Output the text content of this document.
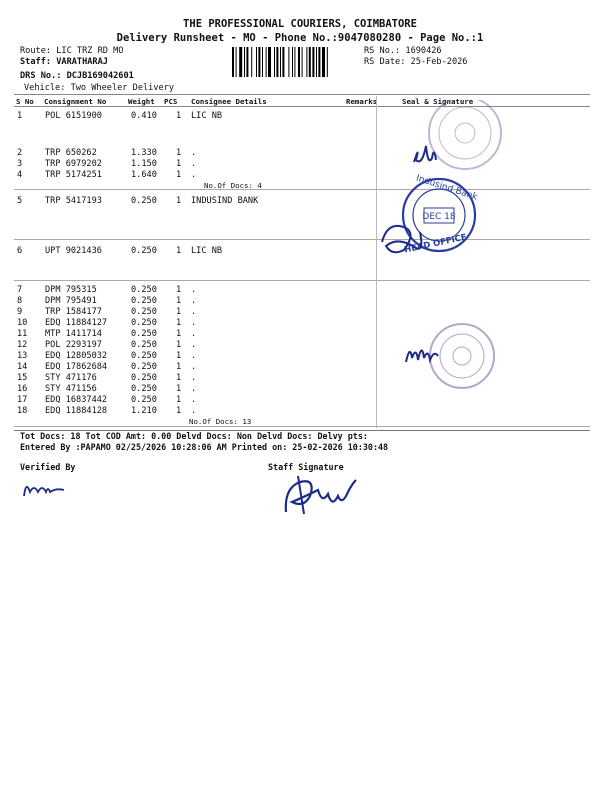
THE PROFESSIONAL COURIERS, COIMBATORE
Delivery Runsheet - MO - Phone No.:9047080280 - Page No.:1
Route: LIC TRZ RD MO
Staff: VARATHARAJ
DRS No.: DCJB169042601
Vehicle: Two Wheeler Delivery
RS No.: 1690426
RS Date: 25-Feb-2026
S No Consignment No	Weight PCS Consignee Details	Remarks	Seal & Signature
1	POL 6151900	0.410 1 LIC NB
2	TRP 650262	1.330 1 .
3	TRP 6979202	1.150 1 .
4	TRP 5174251	1.640 1 .
5	TRP 5417193	0.250 1 INDUSIND BANK
6	UPT 9021436	0.250 1 LIC NB
7	DPM 795315	0.250 1 .
8	DPM 795491	0.250 1 .
9	TRP 1584177	0.250 1 .
10 EDQ 11884127	0.250 1 .
11 MTP 1411714	0.250 1 .
12 POL 2293197	0.250 1 .
13 EDQ 12805032	0.250 1 .
14 EDQ 17862684	0.250 1 .
15 STY 471176	0.250 1 .
16 STY 471156	0.250 1 .
17 EDQ 16837442	0.250 1 .
18 EDQ 11884128	1.210 1 .
No.Of Docs: 4
No.Of Docs: 13
DEC 18
Indusind Bank
HEAD OFFICE
Tot Docs: 18 Tot COD Amt: 0.00 Delvd Docs: Non Delvd Docs: Delvy pts:
Entered By :PAPAMO 02/25/2026 10:28:06 AM Printed on: 25-02-2026 10:30:48
Verified By	Staff Signature
